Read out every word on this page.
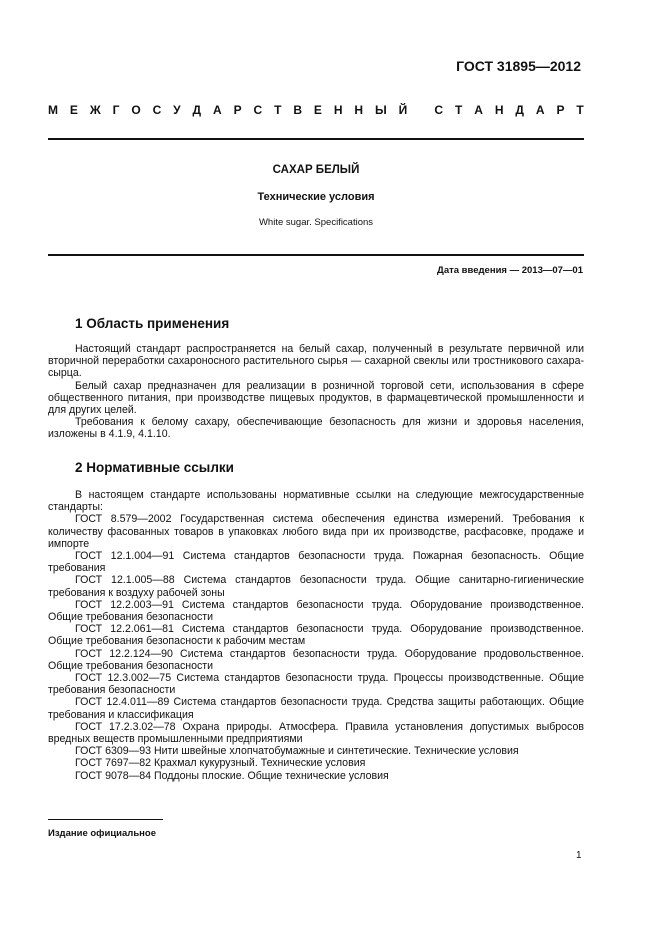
ГОСТ 31895—2012
М Е Ж Г О С У Д А Р С Т В Е Н Н Ы Й
С Т А Н Д А Р Т
САХАР БЕЛЫЙ
Технические условия
White sugar. Specifications
Дата введения — 2013—07—01
1 Область применения

Настоящий стандарт распространяется на белый сахар, полученный в результате первичной или вторичной переработки сахароносного растительного сырья — сахарной свеклы или тростникового сахара-сырца.

Белый сахар предназначен для реализации в розничной торговой сети, использования в сфере общественного питания, при производстве пищевых продуктов, в фармацевтической промышленности и для других целей.

Требования к белому сахару, обеспечивающие безопасность для жизни и здоровья населения, изложены в 4.1.9, 4.1.10.

2 Нормативные ссылки

В настоящем стандарте использованы нормативные ссылки на следующие межгосударственные стандарты:

ГОСТ 8.579—2002 Государственная система обеспечения единства измерений. Требования к количеству фасованных товаров в упаковках любого вида при их производстве, расфасовке, продаже и импорте

ГОСТ 12.1.004—91 Система стандартов безопасности труда. Пожарная безопасность. Общие требования

ГОСТ 12.1.005—88 Система стандартов безопасности труда. Общие санитарно-гигиенические требования к воздуху рабочей зоны

ГОСТ 12.2.003—91 Система стандартов безопасности труда. Оборудование производственное. Общие требования безопасности

ГОСТ 12.2.061—81 Система стандартов безопасности труда. Оборудование производственное. Общие требования безопасности к рабочим местам

ГОСТ 12.2.124—90 Система стандартов безопасности труда. Оборудование продовольственное. Общие требования безопасности

ГОСТ 12.3.002—75 Система стандартов безопасности труда. Процессы производственные. Общие требования безопасности

ГОСТ 12.4.011—89 Система стандартов безопасности труда. Средства защиты работающих. Общие требования и классификация

ГОСТ 17.2.3.02—78 Охрана природы. Атмосфера. Правила установления допустимых выбросов вредных веществ промышленными предприятиями

ГОСТ 6309—93 Нити швейные хлопчатобумажные и синтетические. Технические условия

ГОСТ 7697—82 Крахмал кукурузный. Технические условия

ГОСТ 9078—84 Поддоны плоские. Общие технические условия

Издание официальное
1
